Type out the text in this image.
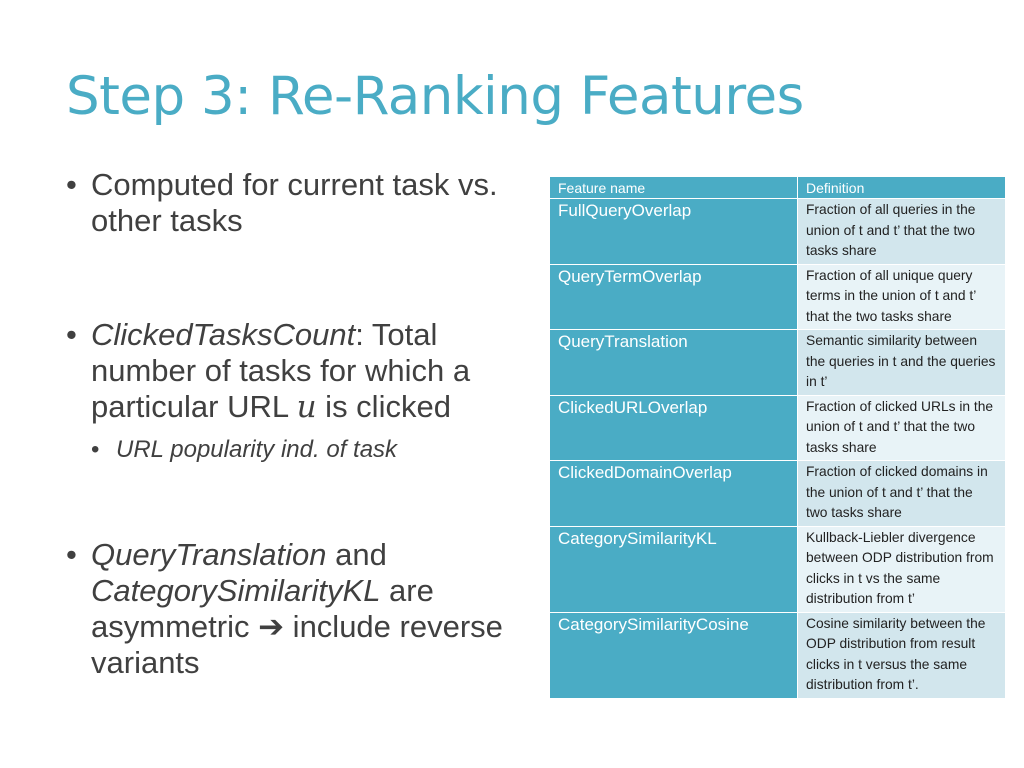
Step 3: Re-Ranking Features
• Computed for current task vs. other tasks
• ClickedTasksCount: Total number of tasks for which a particular URL u is clicked
• URL popularity ind. of task
• QueryTranslation and CategorySimilarityKL are asymmetric ➔ include reverse variants
Feature name	Definition
FullQueryOverlap	Fraction of all queries in the union of t and t’ that the two tasks share
QueryTermOverlap	Fraction of all unique query terms in the union of t and t’ that the two tasks share
QueryTranslation	Semantic similarity between the queries in t and the queries in t’
ClickedURLOverlap	Fraction of clicked URLs in the union of t and t’ that the two tasks share
ClickedDomainOverlap	Fraction of clicked domains in the union of t and t’ that the two tasks share
CategorySimilarityKL	Kullback-Liebler divergence between ODP distribution from clicks in t vs the same distribution from t’
CategorySimilarityCosine	Cosine similarity between the ODP distribution from result clicks in t versus the same distribution from t’.
